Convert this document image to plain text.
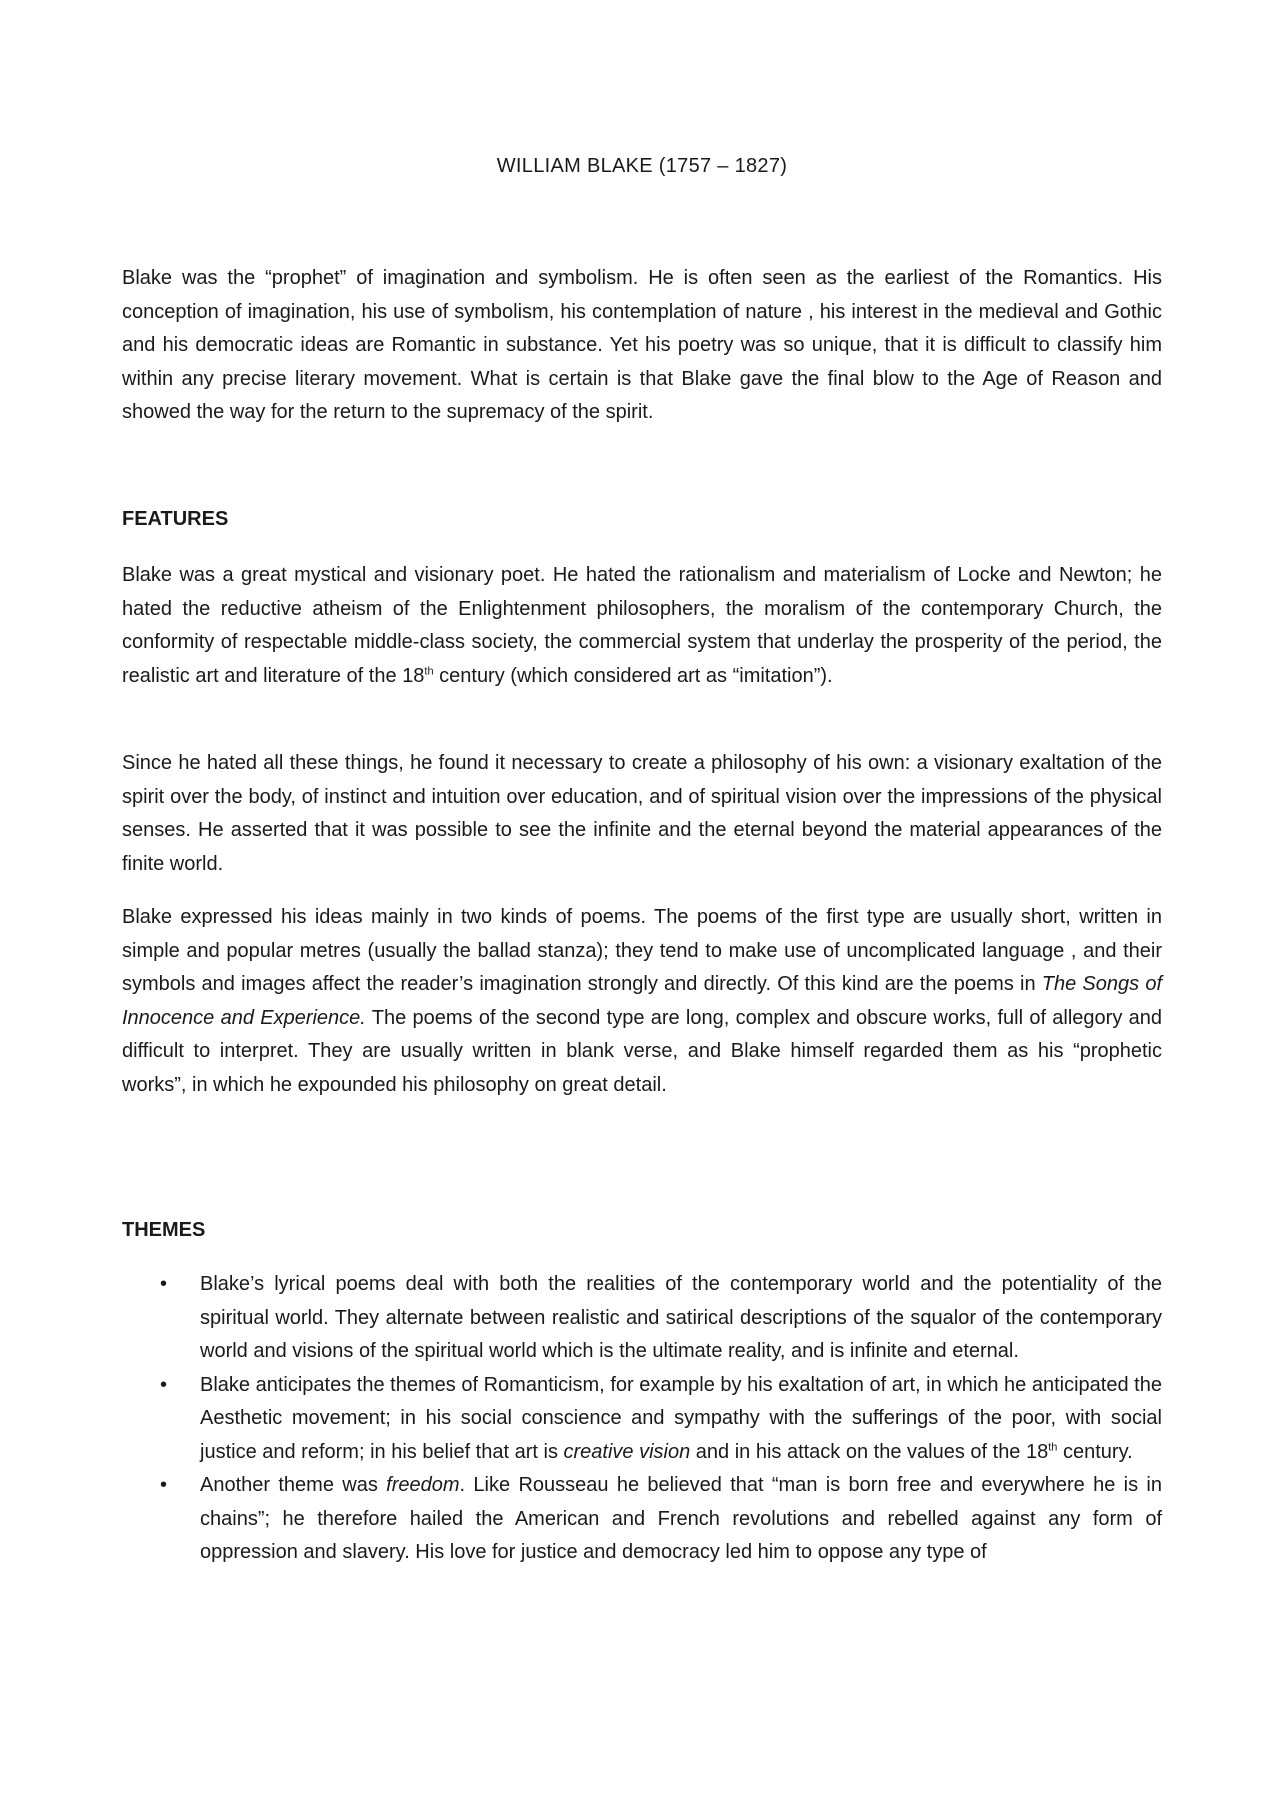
WILLIAM BLAKE (1757 – 1827)

Blake was the “prophet” of imagination and symbolism. He is often seen as the earliest of the Romantics. His conception of imagination, his use of symbolism, his contemplation of nature , his interest in the medieval and Gothic and his democratic ideas are Romantic in substance. Yet his poetry was so unique, that it is difficult to classify him within any precise literary movement. What is certain is that Blake gave the final blow to the Age of Reason and showed the way for the return to the supremacy of the spirit.

FEATURES

Blake was a great mystical and visionary poet. He hated the rationalism and materialism of Locke and Newton; he hated the reductive atheism of the Enlightenment philosophers, the moralism of the contemporary Church, the conformity of respectable middle-class society, the commercial system that underlay the prosperity of the period, the realistic art and literature of the 18th century (which considered art as “imitation”).

Since he hated all these things, he found it necessary to create a philosophy of his own: a visionary exaltation of the spirit over the body, of instinct and intuition over education, and of spiritual vision over the impressions of the physical senses. He asserted that it was possible to see the infinite and the eternal beyond the material appearances of the finite world.

Blake expressed his ideas mainly in two kinds of poems. The poems of the first type are usually short, written in simple and popular metres (usually the ballad stanza); they tend to make use of uncomplicated language , and their symbols and images affect the reader’s imagination strongly and directly. Of this kind are the poems in The Songs of Innocence and Experience. The poems of the second type are long, complex and obscure works, full of allegory and difficult to interpret. They are usually written in blank verse, and Blake himself regarded them as his “prophetic works”, in which he expounded his philosophy on great detail.

THEMES
• Blake’s lyrical poems deal with both the realities of the contemporary world and the potentiality of the spiritual world. They alternate between realistic and satirical descriptions of the squalor of the contemporary world and visions of the spiritual world which is the ultimate reality, and is infinite and eternal.
• Blake anticipates the themes of Romanticism, for example by his exaltation of art, in which he anticipated the Aesthetic movement; in his social conscience and sympathy with the sufferings of the poor, with social justice and reform; in his belief that art is creative vision and in his attack on the values of the 18th century.
• Another theme was freedom. Like Rousseau he believed that “man is born free and everywhere he is in chains”; he therefore hailed the American and French revolutions and rebelled against any form of oppression and slavery. His love for justice and democracy led him to oppose any type of
